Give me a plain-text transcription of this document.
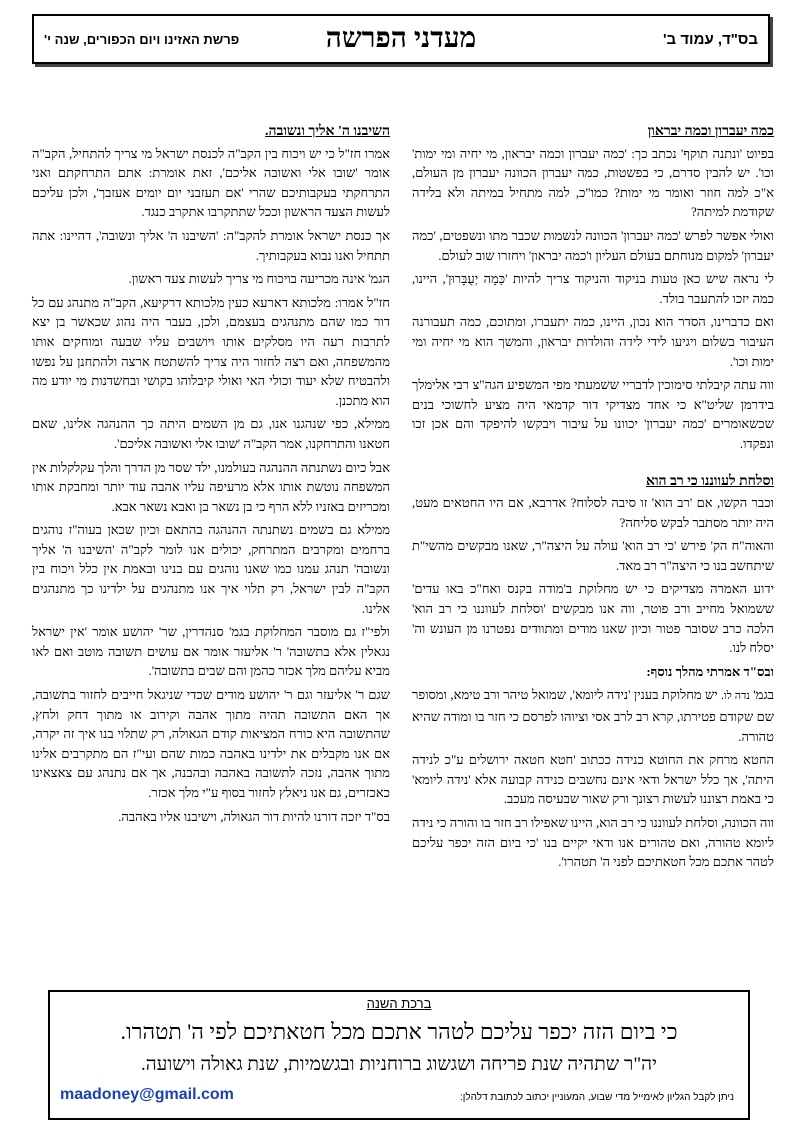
בס"ד, עמוד ב'
מעדני הפרשה
פרשת האזינו ויום הכפורים, שנה י'
כמה יעברון וכמה יבראון

בפיוט 'ונתנה תוקף' נכתב כך: 'כמה יעברון וכמה יבראון, מי יחיה ומי ימות' וכו'. יש להבין סדרם, כי בפשטות, כמה יעברון הכוונה יעברון מן העולם, א"כ למה חוזר ואומר מי ימות? כמו"כ, למה מתחיל במיתה ולא בלידה שקודמת למיתה?

ואולי אפשר לפרש 'כמה יעברון' הכוונה לנשמות שכבר מתו ונשפטים, 'כמה יעברון' למקום מנוחתם בעולם העליון ו'כמה יבראון' ויחזרו שוב לעולם.

לי נראה שיש כאן טעות בניקוד והניקוד צריך להיות 'כַּמָה יְעֻבָּרוּן', היינו, כמה יזכו להתעבר בולד.

ואם כדברינו, הסדר הוא נכון, היינו, כמה יתעברו, ומתוכם, כמה תעבורנה העיבור בשלום ויגיעו לידי לידה והולדות יבראון, והמשך הוא מי יחיה ומי ימות וכו'.

ווה עתה קיבלתי סימוכין לדבריי ששמעתי מפי המשפיע הגה"צ רבי אלימלך בידרמן שליט"א כי אחד מצדיקי דור קדמאי היה מציע לחשוכי בנים שכשאומרים 'כמה יעברון' יכוונו על עיבור ויבקשו להיפקד והם אכן זכו ונפקדו.

וסלחת לעווננו כי רב הוא

וכבר הקשו, אם 'רב הוא' זו סיבה לסלוח? אדרבא, אם היו החטאים מעט, היה יותר מסתבר לבקש סליחה?

והאוה"ח הק' פירש 'כי רב הוא' עולה על היצה"ר, שאנו מבקשים מהשי"ת שיתחשב בנו כי היצה"ר רב מאד.

ידוע האמרה מצדיקים כי יש מחלוקת ב'מודה בקנס ואח"כ באו עדים' ששמואל מחייב ורב פוטר, ווה אנו מבקשים 'וסלחת לעווננו כי רב הוא' הלכה כרב שסובר פטור וכיון שאנו מודים ומתוודים נפטרנו מן העונש וה' יסלח לנו.

ובס"ד אמרתי מהלך נוסף:

בגמ' נדה לו. יש מחלוקת בענין 'נידה ליומא', שמואל טיהר ורב טימא, ומסופר שם שקודם פטירתו, קרא רב לרב אסי וציוהו לפרסם כי חזר בו ומודה שהיא טהורה.

החטא מרחק את החוטא כנידה ככתוב 'חטא חטאה ירושלים ע"כ לנידה היתה', אך כלל ישראל ודאי אינם נחשבים כנידה קבועה אלא 'נידה ליומא' כי באמת רצוננו לעשות רצונך ורק שאור שבעיסה מעכב.

ווה הכוונה, וסלחת לעווננו כי רב הוא, היינו שאפילו רב חזר בו והורה כי נידה ליומא טהורה, ואם טהורים אנו ודאי יקיים בנו 'כי ביום הזה יכפר עליכם לטהר אתכם מכל חטאתיכם לפני ה' תטהרו'.

השיבנו ה' אליך ונשובה.

אמרו חז"ל כי יש ויכוח בין הקב"ה לכנסת ישראל מי צריך להתחיל, הקב"ה אומר 'שובו אלי ואשובה אליכם', זאת אומרת: אתם התרחקתם ואני התרחקתי בעקבותיכם שהרי 'אם תעזבני יום יומים אעזבך', ולכן עליכם לעשות הצעד הראשון וככל שתתקרבו אתקרב כנגד.

אך כנסת ישראל אומרת להקב"ה: 'השיבנו ה' אליך ונשובה', דהיינו: אתה תתחיל ואנו נבוא בעקבותיך.

הגמ' אינה מכריעה בויכוח מי צריך לעשות צעד ראשון.

חז"ל אמרו: מלכותא דארעא כעין מלכותא דרקיעא, הקב"ה מתנהג עם כל דור כמו שהם מתנהגים בעצמם, ולכן, בעבר היה נהוג שכאשר בן יצא לתרבות רעה היו מסלקים אותו ויושבים עליו שבעה ומוחקים אותו מהמשפחה, ואם רצה לחזור היה צריך להשתטח ארצה ולהתחנן על נפשו ולהבטיח שלא יעוד וכולי האי ואולי קיבלוהו בקושי ובחשדנות מי יודע מה הוא מתכנן.

ממילא, כפי שנהגנו אנו, גם מן השמים היתה כך ההנהגה אלינו, שאם חטאנו והתרחקנו, אמר הקב"ה 'שובו אלי ואשובה אליכם'.

אבל כיום נשתנתה ההנהגה בעולמנו, ילד שסר מן הדרך והלך עקלקלות אין המשפחה נוטשת אותו אלא מרעיפה עליו אהבה עוד יותר ומחבקת אותו ומכריזים באזניו ללא הרף כי בן נשאר בן ואבא נשאר אבא.

ממילא גם בשמים נשתנתה ההנהגה בהתאם וכיון שכאן בעוה"ז נוהגים ברחמים ומקרבים המתרחק, יכולים אנו לומר לקב"ה 'השיבנו ה' אליך ונשובה' תנהג עמנו כמו שאנו נוהגים עם בנינו ובאמת אין כלל ויכוח בין הקב"ה לבין ישראל, רק תלוי איך אנו מתנהגים על ילדינו כך מתנהגים אלינו.

ולפי"ז גם מוסבר המחלוקת בגמ' סנהדרין, שר' יהושע אומר 'אין ישראל נגאלין אלא בתשובה' ר' אליעזר אומר אם עושים תשובה מוטב ואם לאו מביא עליהם מלך אכזר כהמן והם שבים בתשובה'.

שגם ר' אליעזר וגם ר' יהושע מודים שכדי שניגאל חייבים לחזור בתשובה, אך האם התשובה תהיה מתוך אהבה וקירוב או מתוך דחק ולחץ, שהתשובה היא כורח המציאות קודם הגאולה, רק שתלוי בנו איך זה יקרה, אם אנו מקבלים את ילדינו באהבה כמות שהם ועי"ז הם מתקרבים אלינו מתוך אהבה, נזכה לתשובה באהבה ובהבנה, אך אם נתנהג עם צאצאינו כאכזרים, גם אנו ניאלץ לחזור בסוף ע"י מלך אכזר.

בס"ד יזכה דורנו להיות דור הגאולה, וישיבנו אליו באהבה.

ברכת השנה
כי ביום הזה יכפר עליכם לטהר אתכם מכל חטאתיכם לפי ה' תטהרו.
יה"ר שתהיה שנת פריחה ושגשוג ברוחניות ובגשמיות, שנת גאולה וישועה.
ניתן לקבל הגליון לאימייל מדי שבוע, המעוניין יכתוב לכתובת דלהלן:
maadoney@gmail.com
